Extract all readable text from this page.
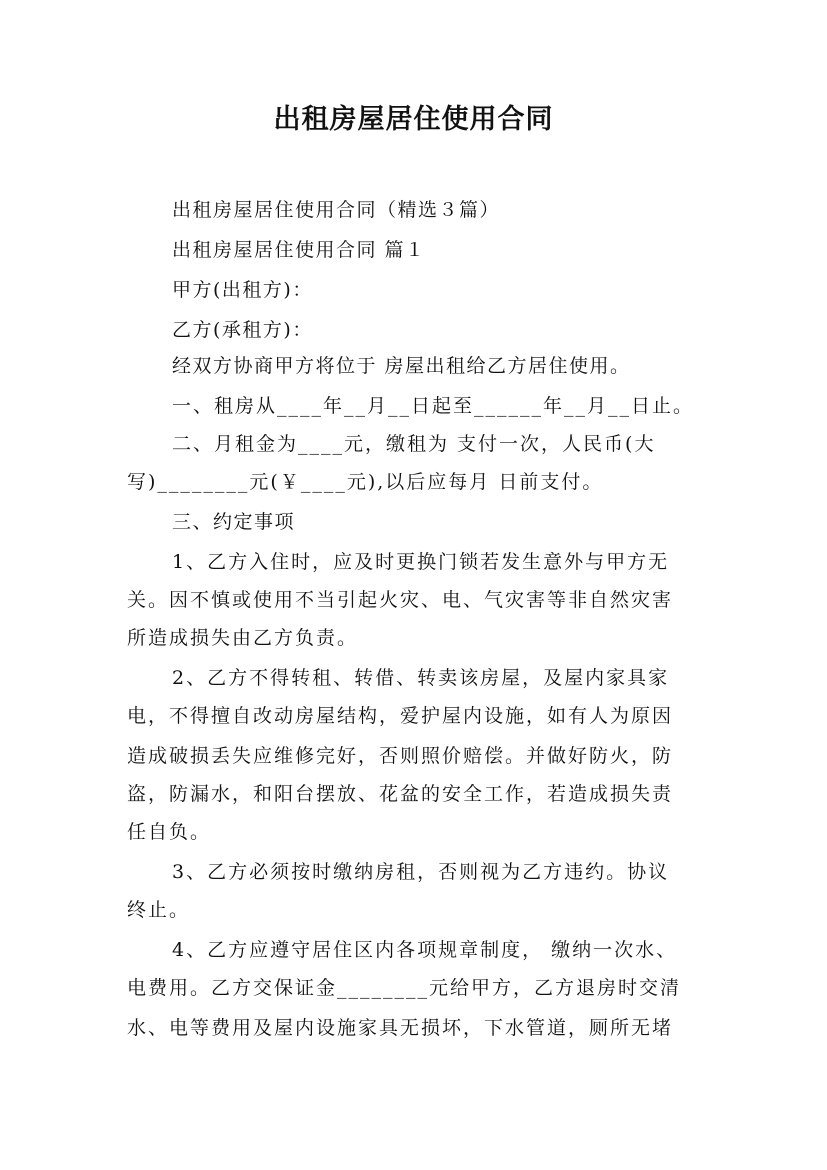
出租房屋居住使用合同
出租房屋居住使用合同（精选３篇）
出租房屋居住使用合同 篇１
甲方(出租方)：
乙方(承租方)：
经双方协商甲方将位于 房屋出租给乙方居住使用。
一、租房从____年__月__日起至______年__月__日止。
二、月租金为____元，缴租为 支付一次，人民币(大
写)________元(￥____元),以后应每月 日前支付。
三、约定事项
1、乙方入住时，应及时更换门锁若发生意外与甲方无
关。因不慎或使用不当引起火灾、电、气灾害等非自然灾害
所造成损失由乙方负责。
2、乙方不得转租、转借、转卖该房屋，及屋内家具家
电，不得擅自改动房屋结构，爱护屋内设施，如有人为原因
造成破损丢失应维修完好，否则照价赔偿。并做好防火，防
盗，防漏水，和阳台摆放、花盆的安全工作，若造成损失责
任自负。
3、乙方必须按时缴纳房租，否则视为乙方违约。协议
终止。
4、乙方应遵守居住区内各项规章制度， 缴纳一次水、
电费用。乙方交保证金________元给甲方，乙方退房时交清
水、电等费用及屋内设施家具无损坏，下水管道，厕所无堵
